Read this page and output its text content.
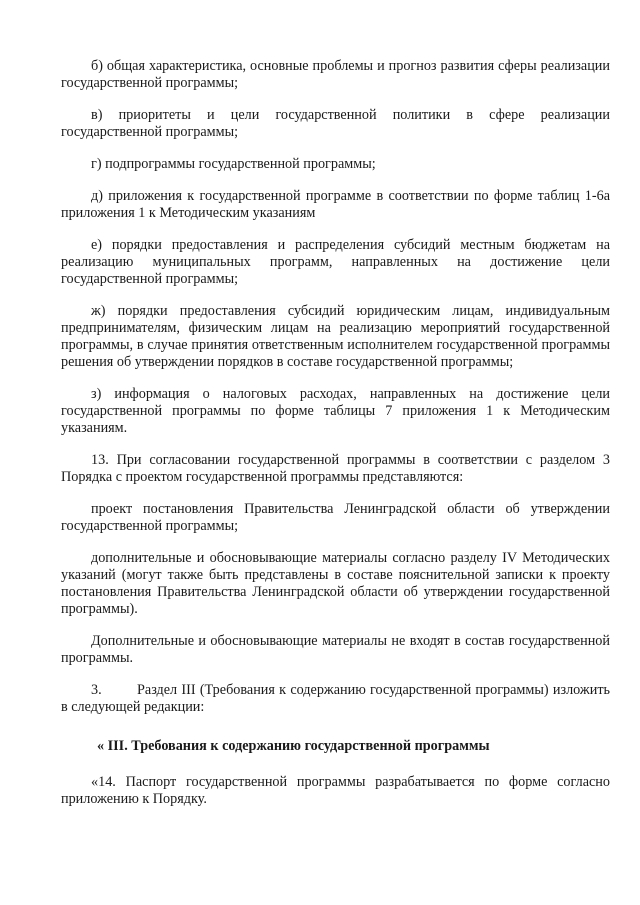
б) общая характеристика, основные проблемы и прогноз развития сферы реализации государственной программы;

в) приоритеты и цели государственной политики в сфере реализации государственной программы;

г) подпрограммы государственной программы;

д) приложения к государственной программе в соответствии по форме таблиц 1-6а приложения 1 к Методическим указаниям

е) порядки предоставления и распределения субсидий местным бюджетам на реализацию муниципальных программ, направленных на достижение цели государственной программы;

ж) порядки предоставления субсидий юридическим лицам, индивидуальным предпринимателям, физическим лицам на реализацию мероприятий государственной программы, в случае принятия ответственным исполнителем государственной программы решения об утверждении порядков в составе государственной программы;

з) информация о налоговых расходах, направленных на достижение цели государственной программы по форме таблицы 7 приложения 1 к Методическим указаниям.

13. При согласовании государственной программы в соответствии с разделом 3 Порядка с проектом государственной программы представляются:

проект постановления Правительства Ленинградской области об утверждении государственной программы;

дополнительные и обосновывающие материалы согласно разделу IV Методических указаний (могут также быть представлены в составе пояснительной записки к проекту постановления Правительства Ленинградской области об утверждении государственной программы).

Дополнительные и обосновывающие материалы не входят в состав государственной программы.

3. Раздел III (Требования к содержанию государственной программы) изложить в следующей редакции:

« III. Требования к содержанию государственной программы

«14. Паспорт государственной программы разрабатывается по форме согласно приложению к Порядку.
